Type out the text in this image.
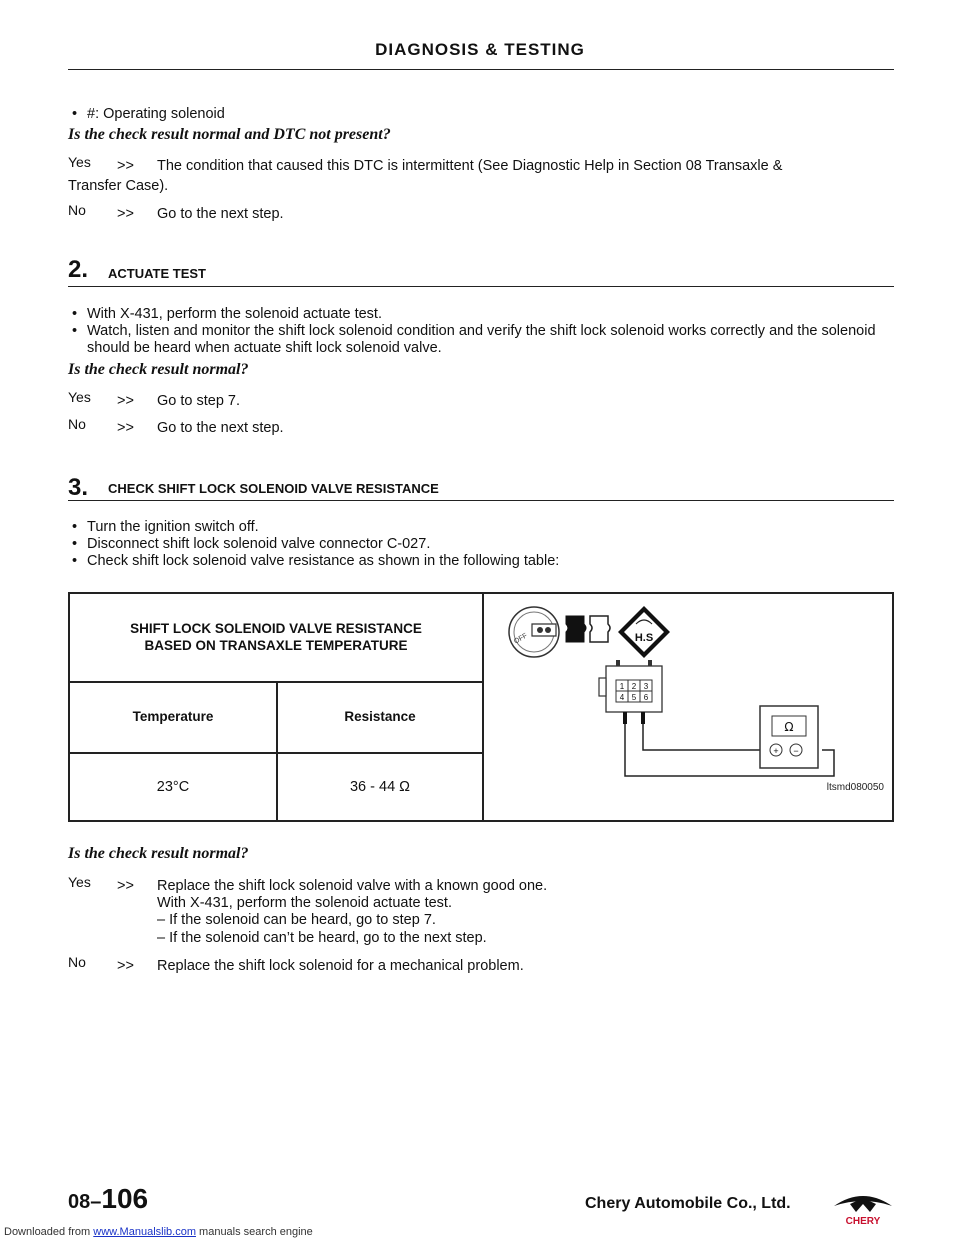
DIAGNOSIS & TESTING
• #: Operating solenoid
Is the check result normal and DTC not present?
Yes >> The condition that caused this DTC is intermittent (See Diagnostic Help in Section 08 Transaxle &
Transfer Case).
No >> Go to the next step.
2. ACTUATE TEST
• With X-431, perform the solenoid actuate test.
• Watch, listen and monitor the shift lock solenoid condition and verify the shift lock solenoid works correctly and the solenoid should be heard when actuate shift lock solenoid valve.
Is the check result normal?
Yes >> Go to step 7.
No >> Go to the next step.
3. CHECK SHIFT LOCK SOLENOID VALVE RESISTANCE
• Turn the ignition switch off.
• Disconnect shift lock solenoid valve connector C-027.
• Check shift lock solenoid valve resistance as shown in the following table:
SHIFT LOCK SOLENOID VALVE RESISTANCE
BASED ON TRANSAXLE TEMPERATURE
Temperature	Resistance
23°C	36 - 44 Ω
OFF	H.S
1 2 3
4 5 6
Ω
+ −
ltsmd080050
Is the check result normal?
Yes >> Replace the shift lock solenoid valve with a known good one.
With X-431, perform the solenoid actuate test.
– If the solenoid can be heard, go to step 7.
– If the solenoid can’t be heard, go to the next step.
No >> Replace the shift lock solenoid for a mechanical problem.
08–106	Chery Automobile Co., Ltd.
CHERY
Downloaded from www.Manualslib.com manuals search engine
